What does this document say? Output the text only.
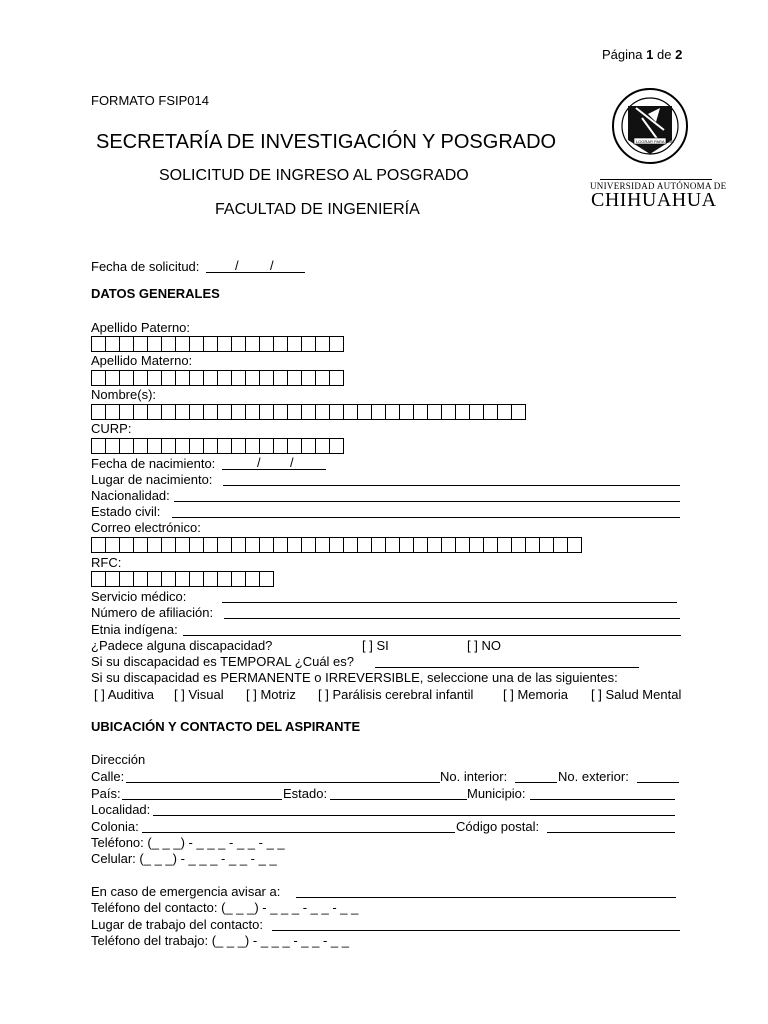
Página 1 de 2
FORMATO FSIP014
SECRETARÍA DE INVESTIGACIÓN Y POSGRADO
SOLICITUD DE INGRESO AL POSGRADO
FACULTAD DE INGENIERÍA
LOGRAR PARA DAR
UNIVERSIDAD AUTÓNOMA DE
CHIHUAHUA
Fecha de solicitud:	/ /
DATOS GENERALES
Apellido Paterno:
Apellido Materno:
Nombre(s):
CURP:
Fecha de nacimiento:	/ /
Lugar de nacimiento:
Nacionalidad:
Estado civil:
Correo electrónico:
RFC:
Servicio médico:
Número de afiliación:
Etnia indígena:
¿Padece alguna discapacidad?	[ ] SI	[ ] NO
Si su discapacidad es TEMPORAL ¿Cuál es?
Si su discapacidad es PERMANENTE o IRREVERSIBLE, seleccione una de las siguientes:
[ ] Auditiva [ ] Visual [ ] Motriz [ ] Parálisis cerebral infantil [ ] Memoria [ ] Salud Mental
UBICACIÓN Y CONTACTO DEL ASPIRANTE
Dirección
Calle:	No. interior:	No. exterior:
País:	Estado:	Municipio:
Localidad:
Colonia:	Código postal:
Teléfono: (_ _ _) - _ _ _ - _ _ - _ _
Celular: (_ _ _) - _ _ _ - _ _ - _ _
En caso de emergencia avisar a:
Teléfono del contacto: (_ _ _) - _ _ _ - _ _ - _ _
Lugar de trabajo del contacto:
Teléfono del trabajo: (_ _ _) - _ _ _ - _ _ - _ _
